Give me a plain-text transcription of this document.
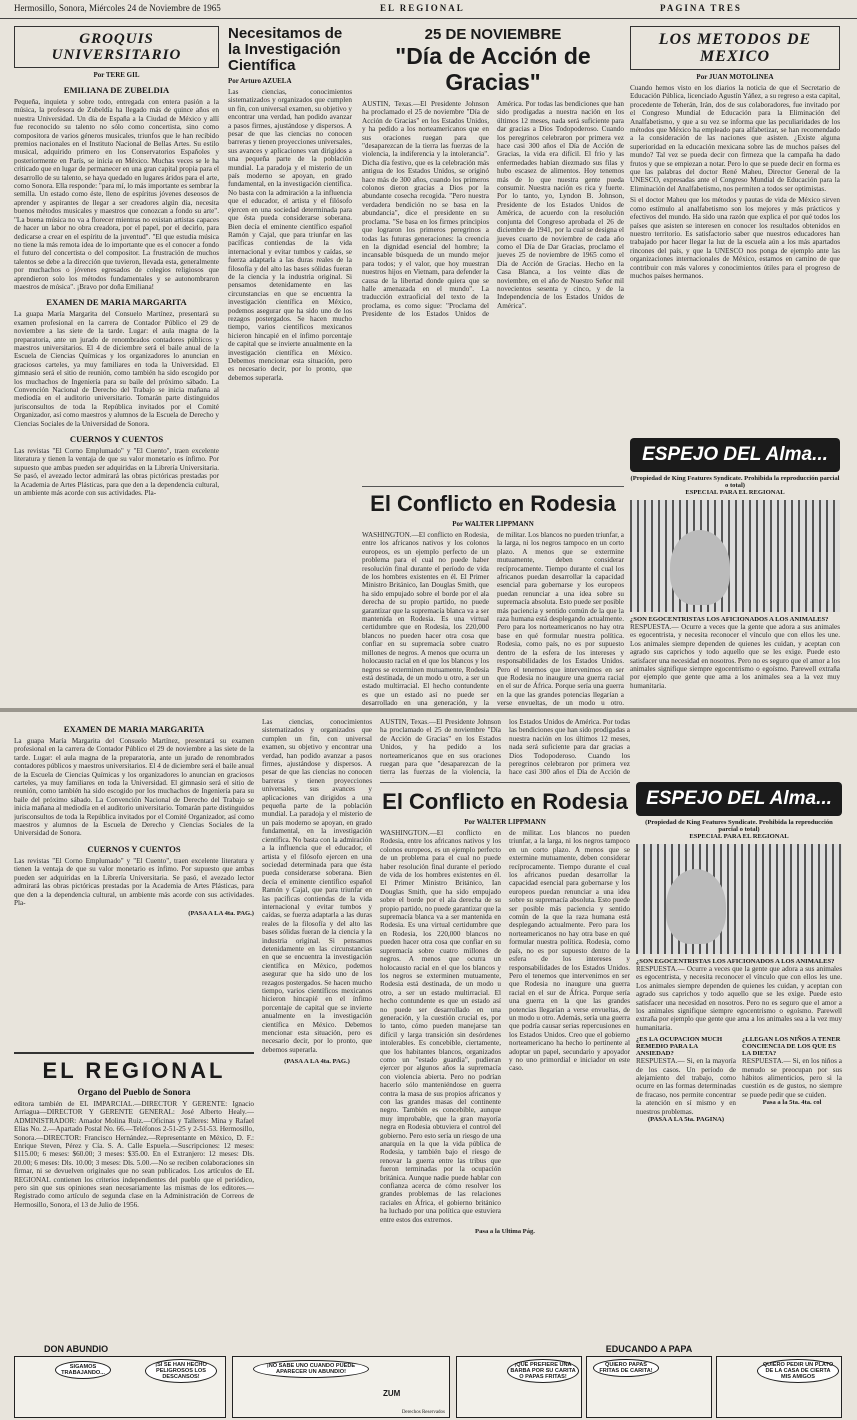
Hermosillo, Sonora, Miércoles 24 de Noviembre de 1965	EL REGIONAL	PAGINA TRES
GROQUIS UNIVERSITARIO
Por TERE GIL
EMILIANA DE ZUBELDIA
Pequeña, inquieta y sobre todo, entregada con entera pasión a la música, la profesora de Zubeldía ha llegado más de quince años en nuestra Universidad. Un día de España a la Ciudad de México y allí fue reconocido su talento no sólo como concertista, sino como compositora de varios géneros musicales, triunfos que le han recibido premios nacionales en el Instituto Nacional de Bellas Artes. Su estilo musical, adquirido primero en los Conservatorios Españoles y posteriormente en París, se inicia en México. Muchas veces se le ha criticado que en lugar de permanecer en una gran capital propia para el desarrollo de su talento, se haya quedado en lugares áridos para el arte, como Sonora. Ella responde: "para mí, lo más importante es sembrar la semilla. Un estado como éste, lleno de espíritus jóvenes deseosos de aprender y aspirantes de llegar a ser creadores algún día, necesita buenos métodos musicales y maestros que conozcan a fondo su arte". "La buena música no va a florecer mientras no existan artistas capaces de hacer un labor no obra creadora, por el papel, por el decirlo, para dedicarse a crear en el espíritu de la juventud". "El que estudia música no tiene la más remota idea de lo importante que es el conocer a fondo el futuro del concertista o del compositor. La frustración de muchos talentos se debe a la dirección que tuvieron, llevada esta, generalmente por muchachos o jóvenes egresados de colegios religiosos que aprendieron solo los métodos fundamentales y se autonombraron maestros de música". ¡Bravo por doña Emiliana!
EXAMEN DE MARIA MARGARITA
La guapa María Margarita del Consuelo Martínez, presentará su examen profesional en la carrera de Contador Público el 29 de noviembre a las siete de la tarde. Lugar: el aula magna de la preparatoria, ante un jurado de renombrados contadores públicos y maestros universitarios. El 4 de diciembre será el baile anual de la Escuela de Ciencias Químicas y los organizadores lo anuncian en graciosos carteles, ya muy familiares en toda la Universidad. El gimnasio será el sitio de reunión, como también ha sido escogido por los muchachos de Ingeniería para su baile del próximo sábado. La Convención Nacional de Derecho del Trabajo se inicia mañana al mediodía en el auditorio universitario. Tomarán parte distinguidos jurisconsultos de toda la República invitados por el Comité Organizador, así como maestros y alumnos de la Escuela de Derecho y Ciencias Sociales de la Universidad de Sonora.
CUERNOS Y CUENTOS
Las revistas "El Corno Emplumado" y "El Cuento", traen excelente literatura y tienen la ventaja de que su valor monetario es ínfimo. Por supuesto que ambas pueden ser adquiridas en la Librería Universitaria. Se pasó, el avezado lector admirará las obras pictóricas prestadas por la Academia de Artes Plásticas, para que den a la dependencia cultural, un ambiente más acorde con sus actividades. Pla-
Necesitamos de la Investigación Científica
Por Arturo AZUELA
Las ciencias, conocimientos sistematizados y organizados que cumplen un fin, con universal examen, su objetivo y encontrar una verdad, han podido avanzar a pasos firmes, ajustándose y dispersos. A pesar de que las ciencias no conocen barreras y tienen proyecciones universales, sus avances y aplicaciones van dirigidos a una pequeña parte de la población mundial. La paradoja y el misterio de un país moderno se apoyan, en grado fundamental, en la investigación científica. No basta con la admiración a la influencia que el educador, el artista y el filósofo ejercen en una sociedad determinada para que ésta pueda considerarse soberana. Bien decía el eminente científico español Ramón y Cajal, que para triunfar en las pacíficas contiendas de la vida internacional y evitar tumbos y caídas, se fuerza adaptarla a las duras reales de la filosofía y del alto las bases sólidas fueran de la ciencia y la industria original. Si pensamos detenidamente en las circunstancias en que se encuentra la investigación científica en México, podemos asegurar que ha sido uno de los rezagos postergados. Se hacen mucho tiempo, varios científicos mexicanos hicieron hincapié en el ínfimo porcentaje de capital que se invierte anualmente en la investigación científica en México. Debemos mencionar esta situación, pero es necesario decir, por lo pronto, que debemos superarla.
25 DE NOVIEMBRE
"Día de Acción de Gracias"
AUSTIN, Texas.—El Presidente Johnson ha proclamado el 25 de noviembre "Día de Acción de Gracias" en los Estados Unidos, y ha pedido a los norteamericanos que en sus oraciones ruegan para que "desaparezcan de la tierra las fuerzas de la violencia, la indiferencia y la intolerancia". Dicha día festivo, que es la celebración más antigua de los Estados Unidos, se originó hace más de 300 años, cuando los primeros colonos dieron gracias a Dios por la abundante cosecha recogida. "Pero nuestra verdadera bendición no se basa en la abundancia", dice el presidente en su proclama. "Se basa en los firmes principios que lograron los primeros peregrinos a todas las futuras generaciones: la creencia en la dignidad esencial del hombre; la incansable búsqueda de un mundo mejor para todos; y el valor, que hoy muestran nuestros hijos en Vietnam, para defender la causa de la libertad donde quiera que se halle amenazada en el mundo". La traducción extraoficial del texto de la proclama, es como sigue: "Proclama del Presidente de los Estados Unidos de América. Por todas las bendiciones que han sido prodigadas a nuestra nación en los últimos 12 meses, nada será suficiente para dar gracias a Dios Todopoderoso. Cuando los peregrinos celebraron por primera vez hace casi 300 años el Día de Acción de Gracias, la vida era difícil. El frío y las enfermedades habían diezmado sus filas y hubo escasez de alimentos. Hoy tenemos más de lo que nuestra gente pueda consumir. Nuestra nación es rica y fuerte. Por lo tanto, yo, Lyndon B. Johnson, Presidente de los Estados Unidos de América, de acuerdo con la resolución conjunta del Congreso aprobada el 26 de diciembre de 1941, por la cual se designa el jueves cuarto de noviembre de cada año como el Día de Dar Gracias, proclamo el jueves 25 de noviembre de 1965 como el Día de Acción de Gracias. Hecho en la Casa Blanca, a los veinte días de noviembre, en el año de Nuestro Señor mil novecientos sesenta y cinco, y de la Independencia de los Estados Unidos de América".
El Conflicto en Rodesia
Por WALTER LIPPMANN
WASHINGTON.—El conflicto en Rodesia, entre los africanos nativos y los colonos europeos, es un ejemplo perfecto de un problema para el cual no puede haber resolución final durante el período de vida de los hombres existentes en él. El Primer Ministro Británico, Ian Douglas Smith, que ha sido empujado sobre el borde por el ala derecha de su propio partido, no puede garantizar que la supremacía blanca va a ser mantenida en Rodesia. Es una virtual certidumbre que en Rodesia, los 220,000 blancos no pueden hacer otra cosa que confiar en su supremacía sobre cuatro millones de negros. A menos que ocurra un holocausto racial en el que los blancos y los negros se exterminen mutuamente, Rodesia está destinada, de un modo u otro, a ser un estado multirracial. El hecho contundente es que un estado así no puede ser desarrollado en una generación, y la
de militar. Los blancos no pueden triunfar, a la larga, ni los negros tampoco en un corto plazo. A menos que se extermine mutuamente, deben considerar recíprocamente. Tiempo durante el cual los africanos puedan desarrollar la capacidad esencial para gobernarse y los europeos puedan renunciar a una idea sobre su supremacía absoluta. Esto puede ser posible más paciencia y sentido común de la que la raza humana está desplegando actualmente. Pero para los norteamericanos no hay otra base en qué formular nuestra política. Rodesia, como país, no es por supuesto dentro de la esfera de los intereses y responsabilidades de los Estados Unidos. Pero el tenemos que intervenimos en ser que Rodesia no inaugure una guerra racial en el sur de África. Porque sería una guerra en la que las grandes potencias llegarían a verse envueltas, de un modo u otro.
LOS METODOS DE MEXICO
Por JUAN MOTOLINEA
Cuando hemos visto en los diarios la noticia de que el Secretario de Educación Pública, licenciado Agustín Yáñez, a su regreso a esta capital, procedente de Teherán, Irán, dos de sus colaboradores, fue invitado por el Congreso Mundial de Educación para la Eliminación del Analfabetismo, y que a su vez se informa que las peculiaridades de los métodos que México ha empleado para alfabetizar, se han recomendado a la consideración de las naciones que asisten. ¿Existe alguna superioridad en la educación mexicana sobre las de muchos países del mundo? Tal vez se pueda decir con firmeza que la campaña ha dado frutos y que se empiezan a notar. Pero lo que se puede decir en forma es que las palabras del doctor René Maheu, Director General de la UNESCO, expresadas ante el Congreso Mundial de Educación para la Eliminación del Analfabetismo, nos permiten a todos ser optimistas.
Si el doctor Maheu que los métodos y pautas de vida de México sirven como estímulo al analfabetismo son los mejores y más prácticos y efectivos del mundo. Ha sido una razón que explica el por qué todos los países que asisten se interesen en conocer los resultados obtenidos en nuestro territorio. Es satisfactorio saber que nuestros educadores han trabajado por hacer llegar la luz de la escuela aún a los más apartados rincones del país, y que la UNESCO nos ponga de ejemplo ante las organizaciones internacionales de México, estamos en camino de que contribuir con más valores y conocimientos útiles para el progreso de muchos países hermanos.
ESPEJO DEL Alma...
(Propiedad de King Features Syndicate. Prohibida la reproducción parcial o total)
ESPECIAL PARA EL REGIONAL
¿SON EGOCENTRISTAS LOS AFICIONADOS A LOS ANIMALES?
RESPUESTA.— Ocurre a veces que la gente que adora a sus animales es egocentrista, y necesita reconocer el vínculo que con ellos les une. Los animales siempre dependen de quienes les cuidan, y aceptan con agrado sus caprichos y todo aquello que se les exige. Puede esto satisfacer una necesidad en nosotros. Pero no es seguro que el amor a los animales signifique siempre egocentrismo o egoísmo. Parewell extraña por ejemplo que gente que ama a los animales sea a la vez muy humanitaria.
EXAMEN DE MARIA MARGARITA
La guapa María Margarita del Consuelo Martínez, presentará su examen profesional en la carrera de Contador Público el 29 de noviembre a las siete de la tarde. Lugar: el aula magna de la preparatoria, ante un jurado de renombrados contadores públicos y maestros universitarios. El 4 de diciembre será el baile anual de la Escuela de Ciencias Químicas y los organizadores lo anuncian en graciosos carteles, ya muy familiares en toda la Universidad. El gimnasio será el sitio de reunión, como también ha sido escogido por los muchachos de Ingeniería para su baile del próximo sábado. La Convención Nacional de Derecho del Trabajo se inicia mañana al mediodía en el auditorio universitario. Tomarán parte distinguidos jurisconsultos de toda la República invitados por el Comité Organizador, así como maestros y alumnos de la Escuela de Derecho y Ciencias Sociales de la Universidad de Sonora.
CUERNOS Y CUENTOS
Las revistas "El Corno Emplumado" y "El Cuento", traen excelente literatura y tienen la ventaja de que su valor monetario es ínfimo. Por supuesto que ambas pueden ser adquiridas en la Librería Universitaria. Se pasó, el avezado lector admirará las obras pictóricas prestadas por la Academia de Artes Plásticas, para que den a la dependencia cultural, un ambiente más acorde con sus actividades. Pla-
(PASA A LA 4ta. PAG.)
EL REGIONAL
Organo del Pueblo de Sonora
editora también de EL IMPARCIAL.—DIRECTOR Y GERENTE: Ignacio Arriagua—DIRECTOR Y GERENTE GENERAL: José Alberto Healy.—ADMINISTRADOR: Amador Molina Ruiz.—Oficinas y Talleres: Mina y Rafael Elías No. 2.—Apartado Postal No. 66.—Teléfonos 2-51-25 y 2-51-53. Hermosillo, Sonora.—DIRECTOR: Francisco Hernández.—Representante en México, D. F.: Enrique Steven, Pérez y Cía. S. A. Calle Espuela.—Suscripciones: 12 meses: $115.00; 6 meses: $60.00; 3 meses: $35.00. En el Extranjero: 12 meses: Dls. 20.00; 6 meses: Dls. 10.00; 3 meses: Dls. 5.00.—No se reciben colaboraciones sin firmar, ni se devuelven originales que no sean publicados. Los artículos de EL REGIONAL contienen los criterios independientes del pueblo que el periódico, pero sin que sus opiniones sean necesariamente las mismas de los editores.—Registrado como artículo de segunda clase en la Administración de Correos de Hermosillo, Sonora, el 13 de Julio de 1956.
Las ciencias, conocimientos sistematizados y organizados que cumplen un fin, con universal examen, su objetivo y encontrar una verdad, han podido avanzar a pasos firmes, ajustándose y dispersos. A pesar de que las ciencias no conocen barreras y tienen proyecciones universales, sus avances y aplicaciones van dirigidos a una pequeña parte de la población mundial. La paradoja y el misterio de un país moderno se apoyan, en grado fundamental, en la investigación científica. No basta con la admiración a la influencia que el educador, el artista y el filósofo ejercen en una sociedad determinada para que ésta pueda considerarse soberana. Bien decía el eminente científico español Ramón y Cajal, que para triunfar en las pacíficas contiendas de la vida internacional y evitar tumbos y caídas, se fuerza adaptarla a las duras reales de la filosofía y del alto las bases sólidas fueran de la ciencia y la industria original. Si pensamos detenidamente en las circunstancias en que se encuentra la investigación científica en México, podemos asegurar que ha sido uno de los rezagos postergados. Se hacen mucho tiempo, varios científicos mexicanos hicieron hincapié en el ínfimo porcentaje de capital que se invierte anualmente en la investigación científica en México. Debemos mencionar esta situación, pero es necesario decir, por lo pronto, que debemos superarla.
(PASA A LA 4ta. PAG.)
AUSTIN, Texas.—El Presidente Johnson ha proclamado el 25 de noviembre "Día de Acción de Gracias" en los Estados Unidos, y ha pedido a los norteamericanos que en sus oraciones ruegan para que "desaparezcan de la tierra las fuerzas de la violencia, la los Estados Unidos de América. Por todas las bendiciones que han sido prodigadas a nuestra nación en los últimos 12 meses, nada será suficiente para dar gracias a Dios Todopoderoso. Cuando los peregrinos celebraron por primera vez hace casi 300 años el Día de Acción de
El Conflicto en Rodesia
Por WALTER LIPPMANN
WASHINGTON.—El conflicto en Rodesia, entre los africanos nativos y los colonos europeos, es un ejemplo perfecto de un problema para el cual no puede haber resolución final durante el período de vida de los hombres existentes en él. El Primer Ministro Británico, Ian Douglas Smith, que ha sido empujado sobre el borde por el ala derecha de su propio partido, no puede garantizar que la supremacía blanca va a ser mantenida en Rodesia. Es una virtual certidumbre que en Rodesia, los 220,000 blancos no pueden hacer otra cosa que confiar en su supremacía sobre cuatro millones de negros. A menos que ocurra un holocausto racial en el que los blancos y los negros se exterminen mutuamente, Rodesia está destinada, de un modo u otro, a ser un estado multirracial. El hecho contundente es que un estado así no puede ser desarrollado en una generación, y la cuestión crucial es, por lo tanto, cómo pueden manejarse tan difícil y larga transición sin desórdenes intolerables. Es concebible, ciertamente, que los habitantes blancos, organizados como un "estado guardia", pudieran ejercer por algunos años la supremacía con violencia abierta. Pero no podrían hacerlo sólo manteniéndose en guerra contra la masa de sus propios africanos y con las grandes masas del continente negro. También es concebible, aunque muy improbable, que la gran mayoría negra en Rodesia obtuviera el control del gobierno. Pero esto sería un riesgo de una anarquía en la que la vida pública de Rodesia, y también bajo el riesgo de renovar la guerra entre las tribus que fueron terminadas por la ocupación británica. Aunque nadie puede hablar con confianza acerca de cómo resolver los grandes problemas de las relaciones raciales en África, el gobierno británico ha luchado por una política que estuviera entre estos dos extremos.
de militar. Los blancos no pueden triunfar, a la larga, ni los negros tampoco en un corto plazo. A menos que se extermine mutuamente, deben considerar recíprocamente. Tiempo durante el cual los africanos puedan desarrollar la capacidad esencial para gobernarse y los europeos puedan renunciar a una idea sobre su supremacía absoluta. Esto puede ser posible más paciencia y sentido común de la que la raza humana está desplegando actualmente. Pero para los norteamericanos no hay otra base en qué formular nuestra política. Rodesia, como país, no es por supuesto dentro de la esfera de los intereses y responsabilidades de los Estados Unidos. Pero el tenemos que intervenimos en ser que Rodesia no inaugure una guerra racial en el sur de África. Porque sería una guerra en la que las grandes potencias llegarían a verse envueltas, de un modo u otro. Además, sería una guerra que podría causar serias repercusiones en los Estados Unidos. Creo que el gobierno norteamericano ha hecho lo pertinente al adoptar un papel, secundario y apoyador y no uno primordial e iniciador en este caso.
Pasa a la Ultima Pág.
ESPEJO DEL Alma...
(Propiedad de King Features Syndicate. Prohibida la reproducción parcial o total)
ESPECIAL PARA EL REGIONAL
¿SON EGOCENTRISTAS LOS AFICIONADOS A LOS ANIMALES?
RESPUESTA.— Ocurre a veces que la gente que adora a sus animales es egocentrista, y necesita reconocer el vínculo que con ellos les une. Los animales siempre dependen de quienes les cuidan, y aceptan con agrado sus caprichos y todo aquello que se les exige. Puede esto satisfacer una necesidad en nosotros. Pero no es seguro que el amor a los animales signifique siempre egocentrismo o egoísmo. Parewell extraña por ejemplo que gente que ama a los animales sea a la vez muy humanitaria.
¿ES LA OCUPACION MUCH REMEDIO PARA LA ANSIEDAD?
RESPUESTA.— Si, en la mayoría de los casos. Un período de alejamiento del trabajo, como ocurre en las formas determinadas de fracaso, nos permite concentrar la atención en sí mismo y en nuestros problemas.
(PASA A LA 5ta. PAGINA)
¿LLEGAN LOS NIÑOS A TENER CONCIENCIA DE LOS QUE ES LA DIETA?
RESPUESTA.— Si, en los niños a menudo se preocupan por sus hábitos alimenticios, pero si la cuestión es de gustos, no siempre se puede pedir que se cuiden.
Pasa a la 5ta. 4ta. col
DON ABUNDIO
SIGAMOS TRABAJANDO...
¡SI SE HAN HECHO PELIGROSOS LOS DESCANSOS!
¡NO SABE UNO CUANDO PUEDE APARECER UN ABUNDIO!
ZUM
Derechos Reservados
EDUCANDO A PAPA
¡QUE PREFIERE UNA BARBA POR SU CARITA O PAPAS FRITAS!
QUIERO PAPAS FRITAS DE CARITA!
QUIERO PEDIR UN PLATO DE LA CASA DE CIERTA MIS AMIGOS
